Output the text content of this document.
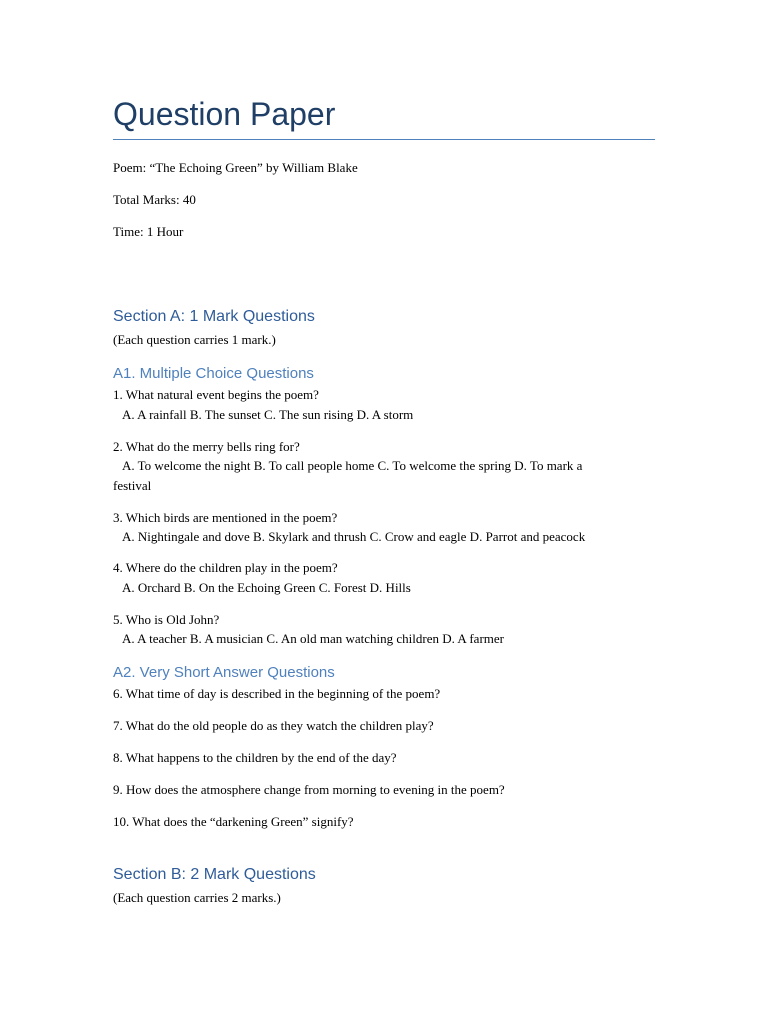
Question Paper
Poem: “The Echoing Green” by William Blake
Total Marks: 40
Time: 1 Hour
Section A: 1 Mark Questions
(Each question carries 1 mark.)
A1. Multiple Choice Questions
1. What natural event begins the poem?
A. A rainfall B. The sunset C. The sun rising D. A storm
2. What do the merry bells ring for?
A. To welcome the night B. To call people home C. To welcome the spring D. To mark a
festival
3. Which birds are mentioned in the poem?
A. Nightingale and dove B. Skylark and thrush C. Crow and eagle D. Parrot and peacock
4. Where do the children play in the poem?
A. Orchard B. On the Echoing Green C. Forest D. Hills
5. Who is Old John?
A. A teacher B. A musician C. An old man watching children D. A farmer
A2. Very Short Answer Questions
6. What time of day is described in the beginning of the poem?
7. What do the old people do as they watch the children play?
8. What happens to the children by the end of the day?
9. How does the atmosphere change from morning to evening in the poem?
10. What does the “darkening Green” signify?
Section B: 2 Mark Questions
(Each question carries 2 marks.)
